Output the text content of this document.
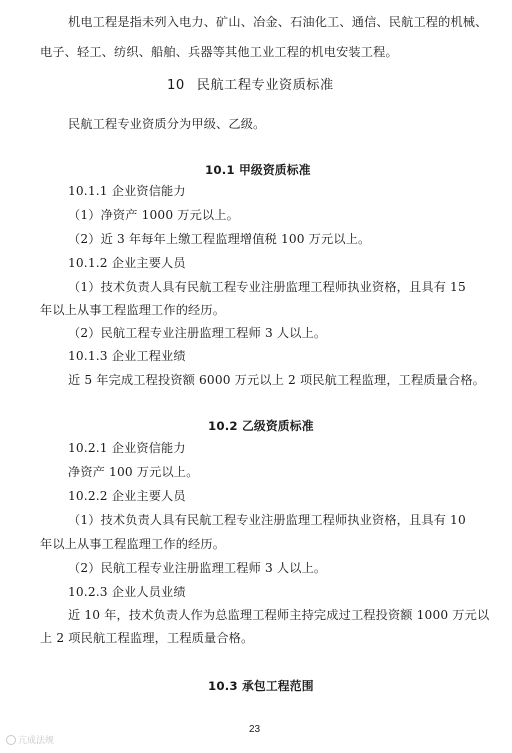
机电工程是指未列入电力、矿山、冶金、石油化工、通信、民航工程的机械、
电子、轻工、纺织、船舶、兵器等其他工业工程的机电安装工程。
10 民航工程专业资质标准
民航工程专业资质分为甲级、乙级。
10.1 甲级资质标准
10.1.1 企业资信能力
（1）净资产 1000 万元以上。
（2）近 3 年每年上缴工程监理增值税 100 万元以上。
10.1.2 企业主要人员
（1）技术负责人具有民航工程专业注册监理工程师执业资格，且具有 15
年以上从事工程监理工作的经历。
（2）民航工程专业注册监理工程师 3 人以上。
10.1.3 企业工程业绩
近 5 年完成工程投资额 6000 万元以上 2 项民航工程监理，工程质量合格。
10.2 乙级资质标准
10.2.1 企业资信能力
净资产 100 万元以上。
10.2.2 企业主要人员
（1）技术负责人具有民航工程专业注册监理工程师执业资格，且具有 10
年以上从事工程监理工作的经历。
（2）民航工程专业注册监理工程师 3 人以上。
10.2.3 企业人员业绩
近 10 年，技术负责人作为总监理工程师主持完成过工程投资额 1000 万元以
上 2 项民航工程监理，工程质量合格。
10.3 承包工程范围
23
亢成法规
